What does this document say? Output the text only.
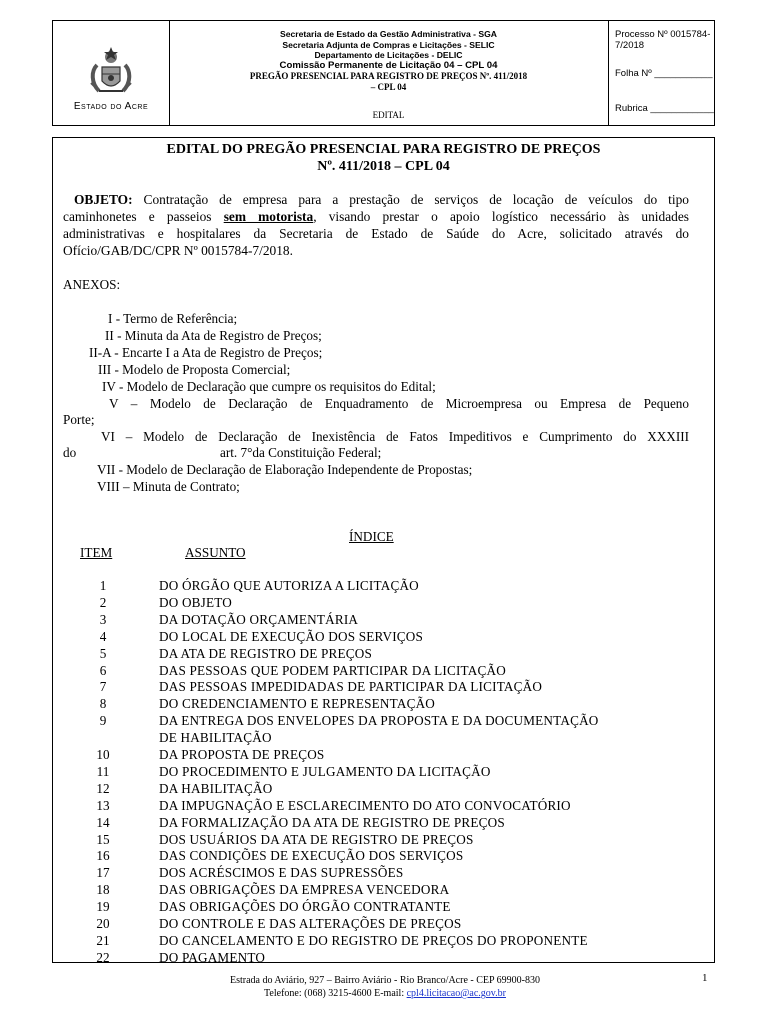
Estado do Acre
Secretaria de Estado da Gestão Administrativa - SGA
Secretaria Adjunta de Compras e Licitações - SELIC
Departamento de Licitações - DELIC
Comissão Permanente de Licitação 04 – CPL 04
PREGÃO PRESENCIAL PARA REGISTRO DE PREÇOS Nº. 411/2018
– CPL 04
EDITAL
Processo Nº 0015784-7/2018
Folha Nº ___________
Rubrica ____________
EDITAL DO PREGÃO PRESENCIAL PARA REGISTRO DE PREÇOS
Nº. 411/2018 – CPL 04
OBJETO: Contratação de empresa para a prestação de serviços de locação de veículos do tipo
caminhonetes e passeios sem motorista, visando prestar o apoio logístico necessário às unidades
administrativas e hospitalares da Secretaria de Estado de Saúde do Acre, solicitado através do
Ofício/GAB/DC/CPR Nº 0015784-7/2018.
ANEXOS:
I - Termo de Referência;
II - Minuta da Ata de Registro de Preços;
II-A - Encarte I a Ata de Registro de Preços;
III - Modelo de Proposta Comercial;
IV - Modelo de Declaração que cumpre os requisitos do Edital;
V – Modelo de Declaração de Enquadramento de Microempresa ou Empresa de Pequeno
Porte;
VI – Modelo de Declaração de Inexistência de Fatos Impeditivos e Cumprimento do XXXIII
do	art. 7°da Constituição Federal;
VII - Modelo de Declaração de Elaboração Independente de Propostas;
VIII – Minuta de Contrato;
ÍNDICE
ITEM	ASSUNTO
1	DO ÓRGÃO QUE AUTORIZA A LICITAÇÃO
2	DO OBJETO
3	DA DOTAÇÃO ORÇAMENTÁRIA
4	DO LOCAL DE EXECUÇÃO DOS SERVIÇOS
5	DA ATA DE REGISTRO DE PREÇOS
6	DAS PESSOAS QUE PODEM PARTICIPAR DA LICITAÇÃO
7	DAS PESSOAS IMPEDIDADAS DE PARTICIPAR DA LICITAÇÃO
8	DO CREDENCIAMENTO E REPRESENTAÇÃO
9	DA ENTREGA DOS ENVELOPES DA PROPOSTA E DA DOCUMENTAÇÃO
DE HABILITAÇÃO
10	DA PROPOSTA DE PREÇOS
11	DO PROCEDIMENTO E JULGAMENTO DA LICITAÇÃO
12	DA HABILITAÇÃO
13	DA IMPUGNAÇÃO E ESCLARECIMENTO DO ATO CONVOCATÓRIO
14	DA FORMALIZAÇÃO DA ATA DE REGISTRO DE PREÇOS
15	DOS USUÁRIOS DA ATA DE REGISTRO DE PREÇOS
16	DAS CONDIÇÕES DE EXECUÇÃO DOS SERVIÇOS
17	DOS ACRÉSCIMOS E DAS SUPRESSÕES
18	DAS OBRIGAÇÕES DA EMPRESA VENCEDORA
19	DAS OBRIGAÇÕES DO ÓRGÃO CONTRATANTE
20	DO CONTROLE E DAS ALTERAÇÕES DE PREÇOS
21	DO CANCELAMENTO E DO REGISTRO DE PREÇOS DO PROPONENTE
22	DO PAGAMENTO
Estrada do Aviário, 927 – Bairro Aviário - Rio Branco/Acre - CEP 69900-830
Telefone: (068) 3215-4600 E-mail: cpl4.licitacao@ac.gov.br
1
